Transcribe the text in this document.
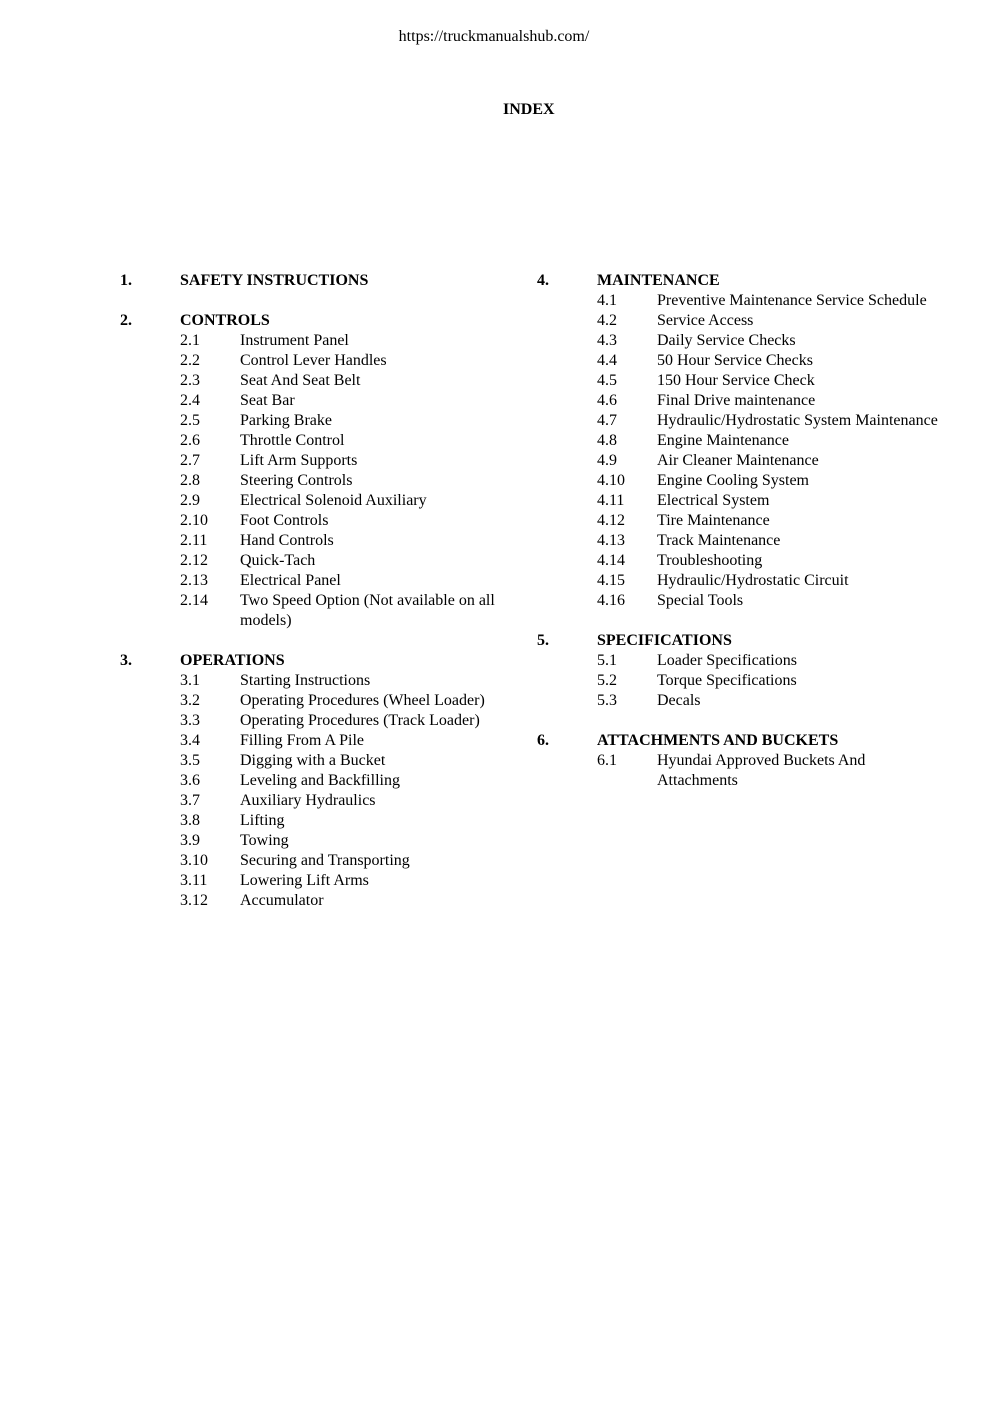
https://truckmanualshub.com/
INDEX
1.	SAFETY INSTRUCTIONS
2.	CONTROLS
2.1	Instrument Panel
2.2	Control Lever Handles
2.3	Seat And Seat Belt
2.4	Seat Bar
2.5	Parking Brake
2.6	Throttle Control
2.7	Lift Arm Supports
2.8	Steering Controls
2.9	Electrical Solenoid Auxiliary
2.10	Foot Controls
2.11	Hand Controls
2.12	Quick-Tach
2.13	Electrical Panel
2.14	Two Speed Option (Not available on all models)
3.	OPERATIONS
3.1	Starting Instructions
3.2	Operating Procedures (Wheel Loader)
3.3	Operating Procedures (Track Loader)
3.4	Filling From A Pile
3.5	Digging with a Bucket
3.6	Leveling and Backfilling
3.7	Auxiliary Hydraulics
3.8	Lifting
3.9	Towing
3.10	Securing and Transporting
3.11	Lowering Lift Arms
3.12	Accumulator
4.	MAINTENANCE
4.1	Preventive Maintenance Service Schedule
4.2	Service Access
4.3	Daily Service Checks
4.4	50 Hour Service Checks
4.5	150 Hour Service Check
4.6	Final Drive maintenance
4.7	Hydraulic/Hydrostatic System Maintenance
4.8	Engine Maintenance
4.9	Air Cleaner Maintenance
4.10	Engine Cooling System
4.11	Electrical System
4.12	Tire Maintenance
4.13	Track Maintenance
4.14	Troubleshooting
4.15	Hydraulic/Hydrostatic Circuit
4.16	Special Tools
5.	SPECIFICATIONS
5.1	Loader Specifications
5.2	Torque Specifications
5.3	Decals
6.	ATTACHMENTS AND BUCKETS
6.1	Hyundai Approved Buckets And Attachments
